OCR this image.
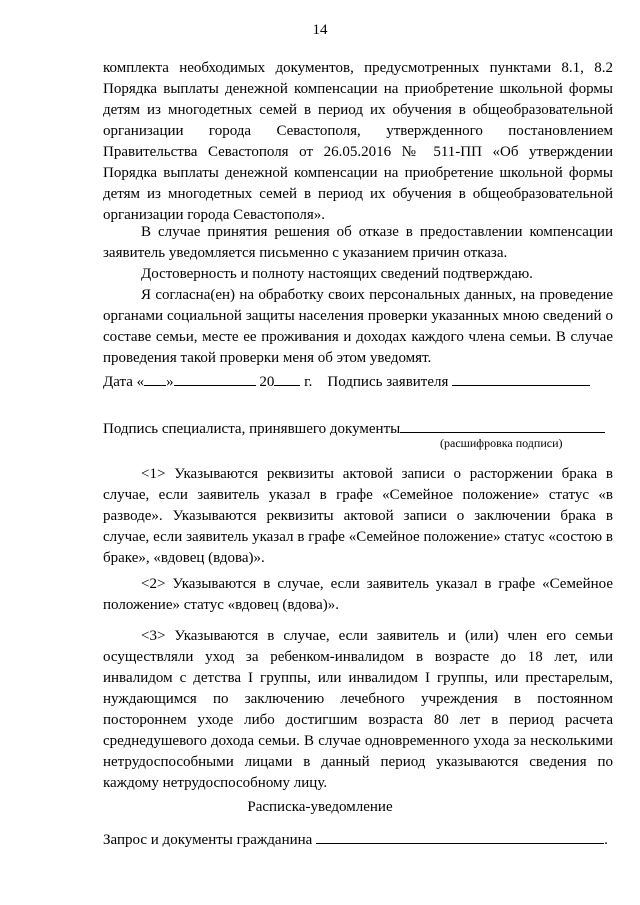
14

комплекта необходимых документов, предусмотренных пунктами 8.1, 8.2 Порядка выплаты денежной компенсации на приобретение школьной формы детям из многодетных семей в период их обучения в общеобразовательной организации города Севастополя, утвержденного постановлением Правительства Севастополя от 26.05.2016 № 511-ПП «Об утверждении Порядка выплаты денежной компенсации на приобретение школьной формы детям из многодетных семей в период их обучения в общеобразовательной организации города Севастополя».

В случае принятия решения об отказе в предоставлении компенсации заявитель уведомляется письменно с указанием причин отказа.

Достоверность и полноту настоящих сведений подтверждаю.

Я согласна(ен) на обработку своих персональных данных, на проведение органами социальной защиты населения проверки указанных мною сведений о составе семьи, месте ее проживания и доходах каждого члена семьи. В случае проведения такой проверки меня об этом уведомят.

Дата « »	20 г. Подпись заявителя
Подпись специалиста, принявшего документы
(расшифровка подписи)

<1> Указываются реквизиты актовой записи о расторжении брака в случае, если заявитель указал в графе «Семейное положение» статус «в разводе». Указываются реквизиты актовой записи о заключении брака в случае, если заявитель указал в графе «Семейное положение» статус «состою в браке», «вдовец (вдова)».

<2> Указываются в случае, если заявитель указал в графе «Семейное положение» статус «вдовец (вдова)».

<3> Указываются в случае, если заявитель и (или) член его семьи осуществляли уход за ребенком-инвалидом в возрасте до 18 лет, или инвалидом с детства I группы, или инвалидом I группы, или престарелым, нуждающимся по заключению лечебного учреждения в постоянном постороннем уходе либо достигшим возраста 80 лет в период расчета среднедушевого дохода семьи. В случае одновременного ухода за несколькими нетрудоспособными лицами в данный период указываются сведения по каждому нетрудоспособному лицу.

Расписка-уведомление
Запрос и документы гражданина	.
